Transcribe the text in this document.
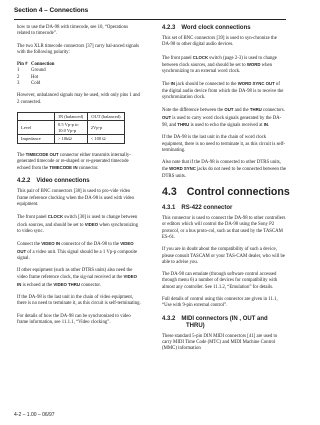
Section 4 – Connections

how to use the DA-98 with timecode, see 10, “Operations related to timecode”.

The two XLR timecode connectors [37] carry bal-anced signals with the following polarity:

Pin # Connection
1	Ground
2	Hot
3	Cold

However, unbalanced signals may be used, with only pins 1 and 2 connected.

	IN (balanced)	OUT (balanced)
Level	0.5 Vp-p to
10.0 Vp-p	2Vp-p
Impedance	> 10kΩ	< 100 Ω

The TIMECODE OUT connector either transmits internally-generated timecode or re-shaped or re-generated timecode echoed from the TIMECODE IN connector.

4.2.2 Video connections

This pair of BNC connectors [38] is used to pro-vide video frame reference clocking when the DA-98 is used with video equipment.

The front panel CLOCK switch [30] is used to change between clock sources, and should be set to VIDEO when synchronizing to video sync.

Connect the VIDEO IN connector of the DA-98 to the VIDEO OUT of a video unit. This signal should be a 1 Vp-p composite signal.

If other equipment (such as other DTRS units) also need the video frame reference clock, the sig-nal received at the VIDEO IN is echoed at the VIDEO THRU connector.

If the DA-98 is the last unit in the chain of video equipment, there is no need to terminate it, as this circuit is self-terminating.

For details of how the DA-98 can be synchronized to video frame information, see 11.1.1, “Video clocking”.

4.2.3 Word clock connections

This set of BNC connectors [39] is used to syn-chronize the DA-98 to other digital audio devices.

The front panel CLOCK switch (page 2-3) is used to change between clock sources, and should be set to WORD when synchronizing to an external word clock.

The IN jack should be connected to the WORD SYNC OUT of the digital audio device from which the DA-98 is to receive the synchronization clock.

Note the difference between the OUT and the THRU connectors. OUT is used to carry word clock signals generated by the DA-98, and THRU is used to echo the signals received at IN.

If the DA-98 is the last unit in the chain of word clock equipment, there is no need to terminate it, as this circuit is self-terminating.

Also note that if the DA-98 is connected to other DTRS units, the WORD SYNC jacks do not need to be connected between the DTRS units.

4.3 Control connections
4.3.1 RS-422 connector

This connector is used to connect the DA-98 to other controllers or editors which will control the DA-98 using the Sony P2 protocol, or a bus proto-col, such as that used by the TASCAM ES-61.

If you are in doubt about the compatibility of such a device, please consult TASCAM or your TAS-CAM dealer, who will be able to advise you.

The DA-98 can emulate (through software control accessed through menu 6) a number of devices for compatibility with almost any controller. See 11.1.2, “Emulation” for details.

Full details of control using this connector are given in 11.1, “Use with 9-pin external control”.

4.3.2 MIDI connectors (IN , OUT and
THRU)

These standard 5-pin DIN MIDI connectors [41] are used to carry MIDI Time Code (MTC) and MIDI Machine Control (MMC) information

4-2 – 1.00 – 06/97
